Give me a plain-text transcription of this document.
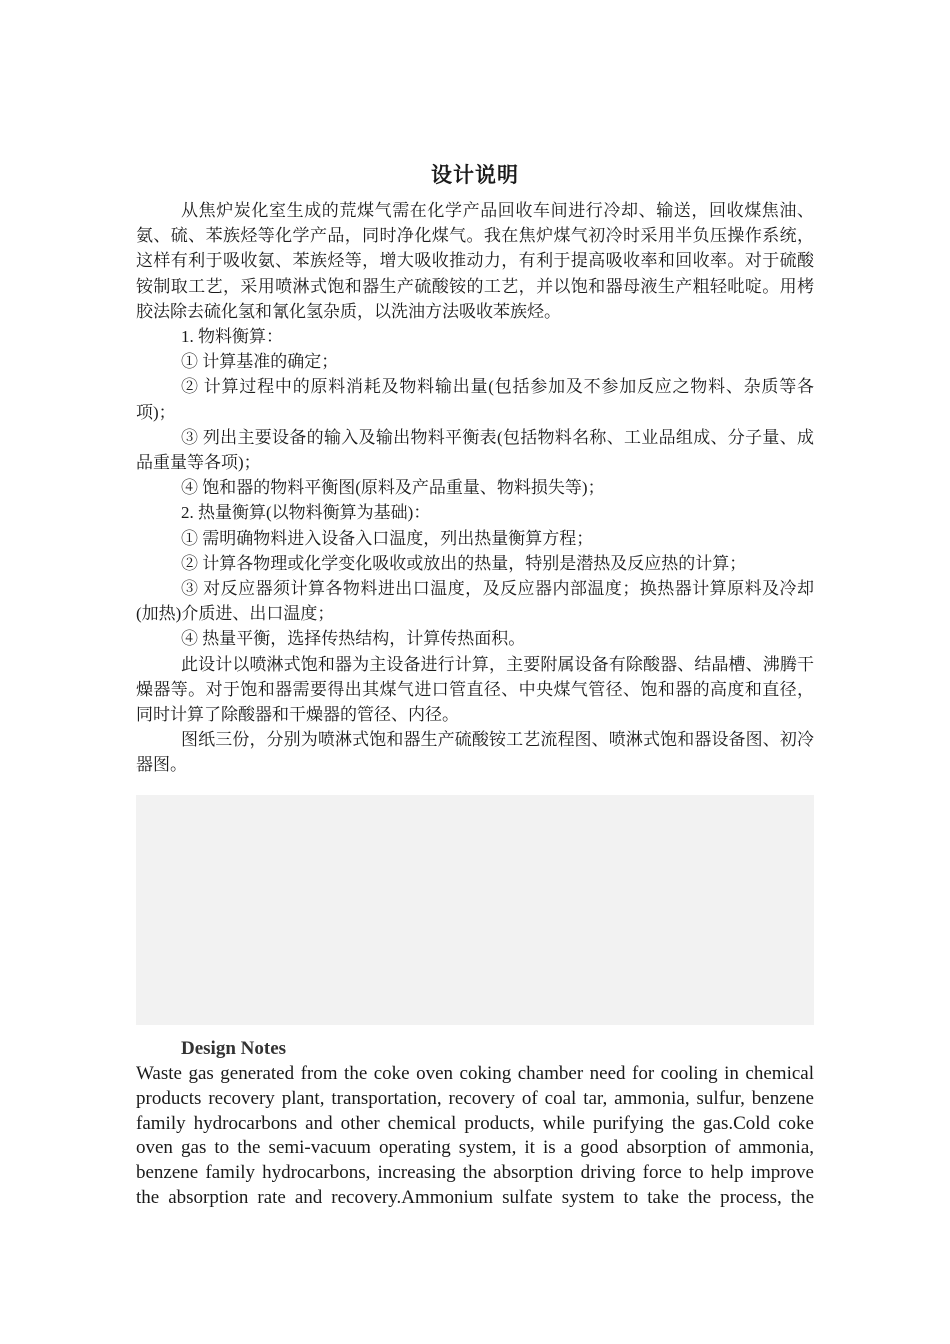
设计说明

从焦炉炭化室生成的荒煤气需在化学产品回收车间进行冷却、输送，回收煤焦油、氨、硫、苯族烃等化学产品，同时净化煤气。我在焦炉煤气初冷时采用半负压操作系统，这样有利于吸收氨、苯族烃等，增大吸收推动力，有利于提高吸收率和回收率。对于硫酸铵制取工艺，采用喷淋式饱和器生产硫酸铵的工艺，并以饱和器母液生产粗轻吡啶。用栲胶法除去硫化氢和氰化氢杂质，以洗油方法吸收苯族烃。

1. 物料衡算：

① 计算基准的确定；

② 计算过程中的原料消耗及物料输出量(包括参加及不参加反应之物料、杂质等各项)；

③ 列出主要设备的输入及输出物料平衡表(包括物料名称、工业品组成、分子量、成品重量等各项)；

④ 饱和器的物料平衡图(原料及产品重量、物料损失等)；

2. 热量衡算(以物料衡算为基础)：

① 需明确物料进入设备入口温度，列出热量衡算方程；

② 计算各物理或化学变化吸收或放出的热量，特别是潜热及反应热的计算；

③ 对反应器须计算各物料进出口温度，及反应器内部温度；换热器计算原料及冷却(加热)介质进、出口温度；

④ 热量平衡，选择传热结构，计算传热面积。

此设计以喷淋式饱和器为主设备进行计算，主要附属设备有除酸器、结晶槽、沸腾干燥器等。对于饱和器需要得出其煤气进口管直径、中央煤气管径、饱和器的高度和直径，同时计算了除酸器和干燥器的管径、内径。

图纸三份，分别为喷淋式饱和器生产硫酸铵工艺流程图、喷淋式饱和器设备图、初冷器图。

Design Notes

Waste gas generated from the coke oven coking chamber need for cooling in chemical products recovery plant, transportation, recovery of coal tar, ammonia, sulfur, benzene family hydrocarbons and other chemical products, while purifying the gas.Cold coke oven gas to the semi-vacuum operating system, it is a good absorption of ammonia, benzene family hydrocarbons, increasing the absorption driving force to help improve the absorption rate and recovery.Ammonium sulfate system to take the process, the
